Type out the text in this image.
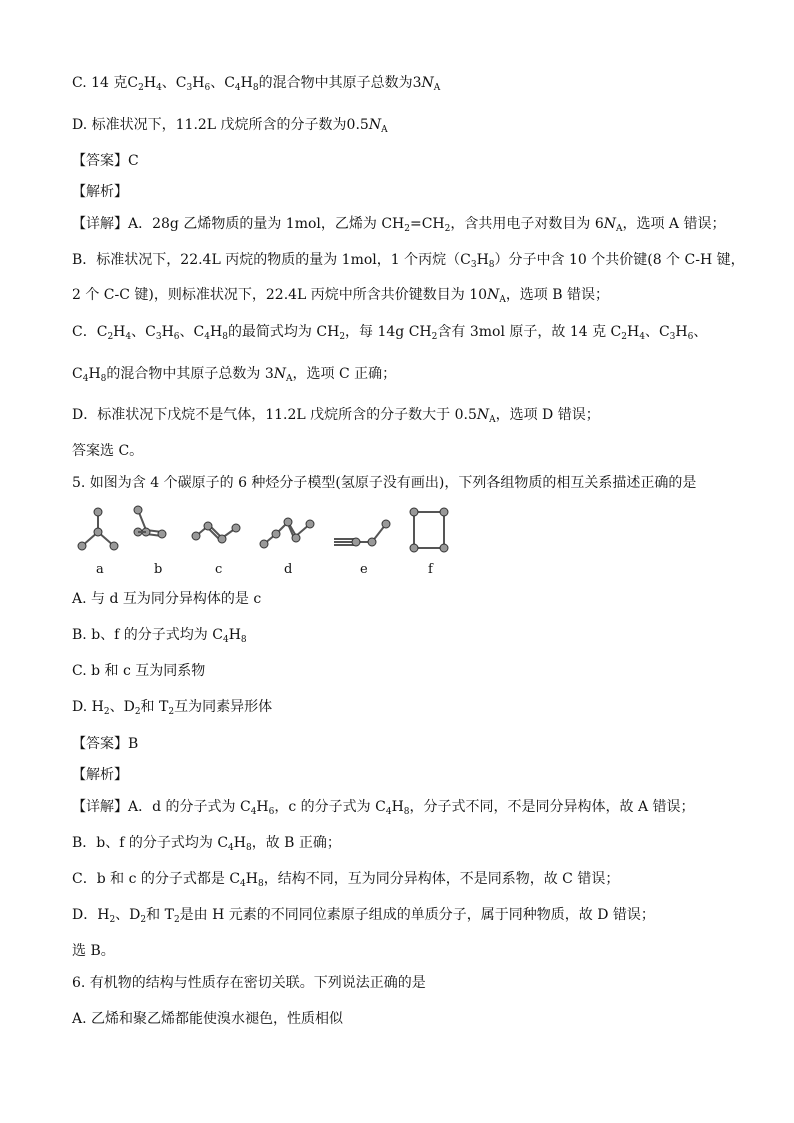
C. 14 克$C_2H_4$、$C_3H_6$、$C_4H_8$的混合物中其原子总数为$3N_A$
D. 标准状况下，11.2L 戊烷所含的分子数为$0.5N_A$
【答案】C
【解析】
【详解】A．28g 乙烯物质的量为 1mol，乙烯为 $CH_2=CH_2$，含共用电子对数目为 $6N_A$，选项 A 错误；
B．标准状况下，22.4L 丙烷的物质的量为 1mol，1 个丙烷$(C_3H_8)$分子中含 10 个共价键(8 个 C-H 键，
2 个 C-C 键)，则标准状况下，22.4L 丙烷中所含共价键数目为 $10N_A$，选项 B 错误；
C．$C_2H_4$、$C_3H_6$、$C_4H_8$的最简式均为 $CH_2$，每 14g $CH_2$含有 3mol 原子，故 14 克 $C_2H_4$、$C_3H_6$、
$C_4H_8$的混合物中其原子总数为 $3N_A$，选项 C 正确；
D．标准状况下戊烷不是气体，11.2L 戊烷所含的分子数大于 $0.5N_A$，选项 D 错误；
答案选 C。
5. 如图为含 4 个碳原子的 6 种烃分子模型(氢原子没有画出)，下列各组物质的相互关系描述正确的是
a	b	c	d	e	f
A. 与 d 互为同分异构体的是 c
B. b、f 的分子式均为 $C_4H_8$
C. b 和 c 互为同系物
D. $H_2$、$D_2$和 $T_2$互为同素异形体
【答案】B
【解析】
【详解】A．d 的分子式为 $C_4H_6$，c 的分子式为 $C_4H_8$，分子式不同，不是同分异构体，故 A 错误；
B．b、f 的分子式均为 $C_4H_8$，故 B 正确；
C．b 和 c 的分子式都是 $C_4H_8$，结构不同，互为同分异构体，不是同系物，故 C 错误；
D．$H_2$、$D_2$和 $T_2$是由 H 元素的不同同位素原子组成的单质分子，属于同种物质，故 D 错误；
选 B。
6. 有机物的结构与性质存在密切关联。下列说法正确的是
A. 乙烯和聚乙烯都能使溴水褪色，性质相似
